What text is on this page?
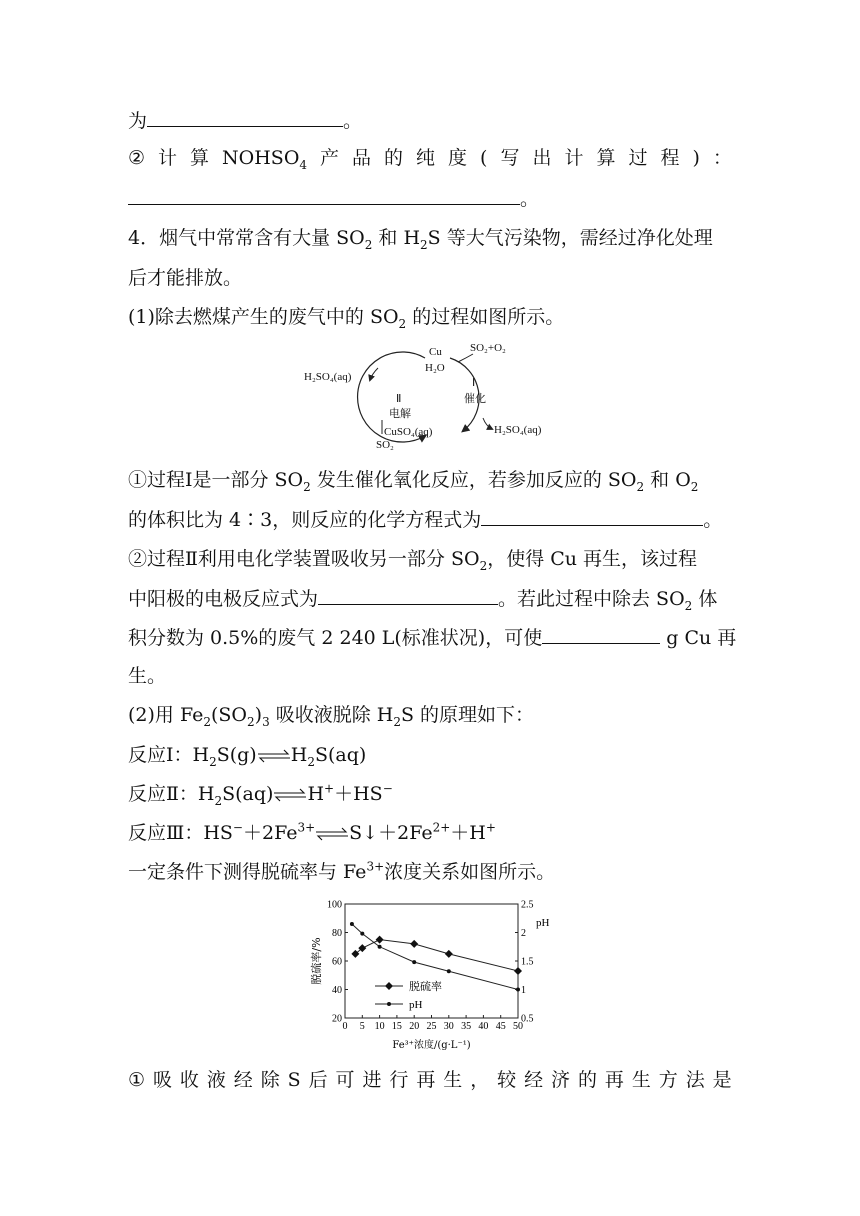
为	。
② 计 算 $NOHSO_4$ 产 品 的 纯 度 ( 写 出 计 算 过 程 ) ：
。
4．烟气中常常含有大量 $SO_2$ 和 $H_2S$ 等大气污染物，需经过净化处理
后才能排放。
(1)除去燃煤产生的废气中的 $SO_2$ 的过程如图所示。
Cu
H₂O
SO₂+O₂
H₂SO₄(aq)	Ⅰ
催化
Ⅱ
电解
CuSO₄(aq)	H₂SO₄(aq)
SO₂
①过程Ⅰ是一部分 $SO_2$ 发生催化氧化反应，若参加反应的 $SO_2$ 和 $O_2$
的体积比为 4∶3，则反应的化学方程式为	。
②过程Ⅱ利用电化学装置吸收另一部分 $SO_2$，使得 Cu 再生，该过程
中阳极的电极反应式为	。若此过程中除去 $SO_2$ 体
积分数为 0.5%的废气 2 240 L(标准状况)，可使	g Cu 再
生。
(2)用 $Fe_2(SO_2)_3$ 吸收液脱除 $H_2S$ 的原理如下：
反应Ⅰ：$H_2S(g)\rightleftharpoons H_2S(aq)$
反应Ⅱ：$H_2S(aq)\rightleftharpoons H^++HS^-$
反应Ⅲ：$HS^-+2Fe^{3+}\rightleftharpoons S↓+2Fe^{2+}+H^+$
一定条件下测得脱硫率与 $Fe^{3+}$浓度关系如图所示。
0 5 10 15 20 25 30 35 40 45 50
20
40
60
80
100
0.5
1
1.5
2
2.5
pH
脱硫率/%
Fe³⁺浓度/(g·L⁻¹)
脱硫率
pH
① 吸 收 液 经 除 S 后 可 进 行 再 生 ， 较 经 济 的 再 生 方 法 是
